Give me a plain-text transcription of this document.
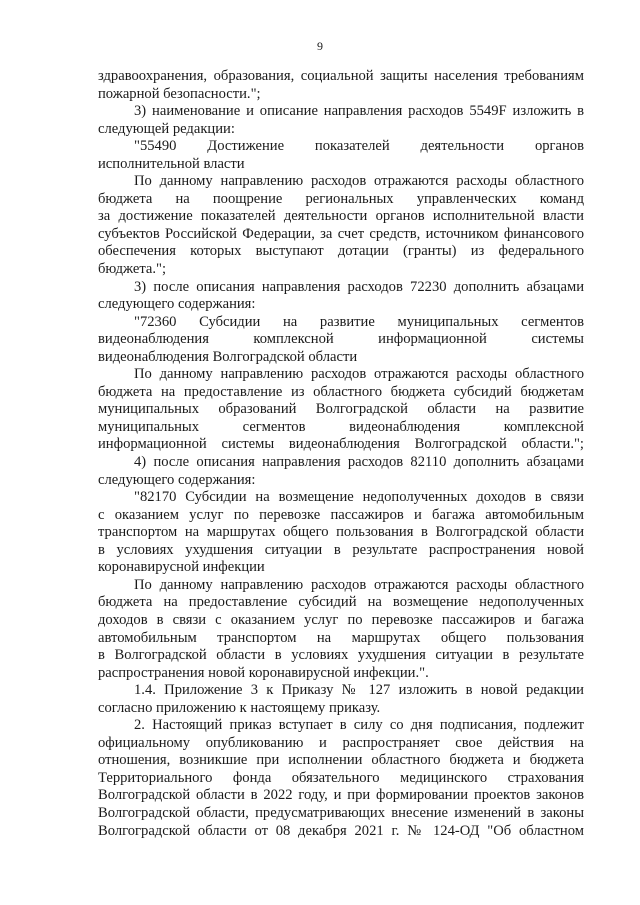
9
здравоохранения, образования, социальной защиты населения требованиям
пожарной безопасности.";
3) наименование и описание направления расходов 5549F изложить в
следующей редакции:
"55490 Достижение показателей деятельности органов
исполнительной власти
По данному направлению расходов отражаются расходы областного
бюджета на поощрение региональных управленческих команд
за достижение показателей деятельности органов исполнительной власти
субъектов Российской Федерации, за счет средств, источником финансового
обеспечения которых выступают дотации (гранты) из федерального
бюджета.";
3) после описания направления расходов 72230 дополнить абзацами
следующего содержания:
"72360 Субсидии на развитие муниципальных сегментов
видеонаблюдения комплексной информационной системы
видеонаблюдения Волгоградской области
По данному направлению расходов отражаются расходы областного
бюджета на предоставление из областного бюджета субсидий бюджетам
муниципальных образований Волгоградской области на развитие
муниципальных сегментов видеонаблюдения комплексной
информационной системы видеонаблюдения Волгоградской области.";
4) после описания направления расходов 82110 дополнить абзацами
следующего содержания:
"82170 Субсидии на возмещение недополученных доходов в связи
с оказанием услуг по перевозке пассажиров и багажа автомобильным
транспортом на маршрутах общего пользования в Волгоградской области
в условиях ухудшения ситуации в результате распространения новой
коронавирусной инфекции
По данному направлению расходов отражаются расходы областного
бюджета на предоставление субсидий на возмещение недополученных
доходов в связи с оказанием услуг по перевозке пассажиров и багажа
автомобильным транспортом на маршрутах общего пользования
в Волгоградской области в условиях ухудшения ситуации в результате
распространения новой коронавирусной инфекции.".
1.4. Приложение 3 к Приказу № 127 изложить в новой редакции
согласно приложению к настоящему приказу.
2. Настоящий приказ вступает в силу со дня подписания, подлежит
официальному опубликованию и распространяет свое действия на
отношения, возникшие при исполнении областного бюджета и бюджета
Территориального фонда обязательного медицинского страхования
Волгоградской области в 2022 году, и при формировании проектов законов
Волгоградской области, предусматривающих внесение изменений в законы
Волгоградской области от 08 декабря 2021 г. № 124-ОД "Об областном
